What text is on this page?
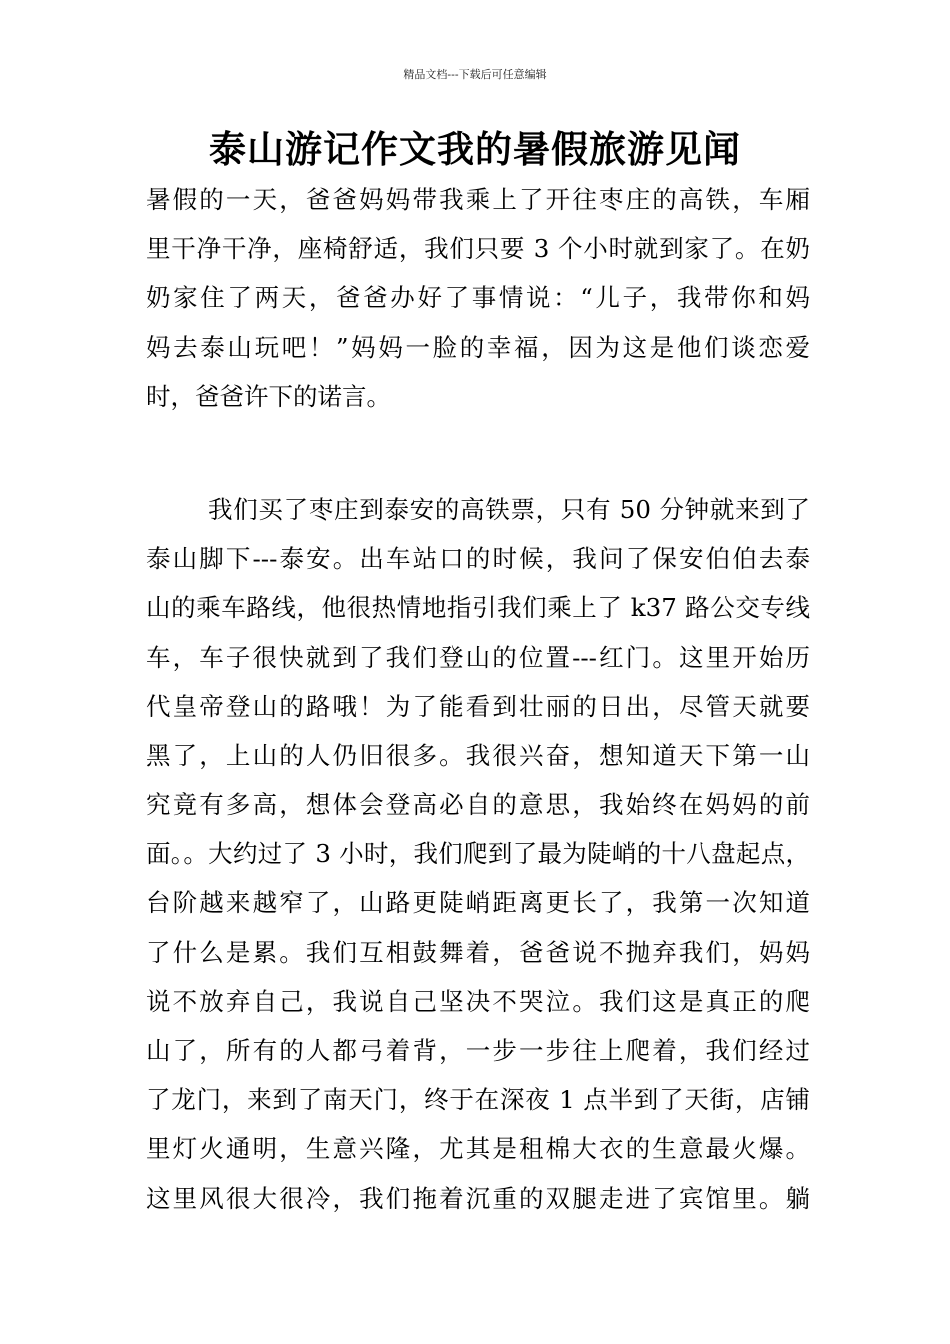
精品文档---下载后可任意编辑
泰山游记作文我的暑假旅游见闻
暑假的一天，爸爸妈妈带我乘上了开往枣庄的高铁，车厢
里干净干净，座椅舒适，我们只要 3 个小时就到家了。在奶
奶家住了两天，爸爸办好了事情说：“儿子，我带你和妈
妈去泰山玩吧！”妈妈一脸的幸福，因为这是他们谈恋爱
时，爸爸许下的诺言。
我们买了枣庄到泰安的高铁票，只有 50 分钟就来到了
泰山脚下---泰安。出车站口的时候，我问了保安伯伯去泰
山的乘车路线，他很热情地指引我们乘上了 k37 路公交专线
车，车子很快就到了我们登山的位置---红门。这里开始历
代皇帝登山的路哦！为了能看到壮丽的日出，尽管天就要
黑了，上山的人仍旧很多。我很兴奋，想知道天下第一山
究竟有多高，想体会登高必自的意思，我始终在妈妈的前
面。。大约过了 3 小时，我们爬到了最为陡峭的十八盘起点，
台阶越来越窄了，山路更陡峭距离更长了，我第一次知道
了什么是累。我们互相鼓舞着，爸爸说不抛弃我们，妈妈
说不放弃自己，我说自己坚决不哭泣。我们这是真正的爬
山了，所有的人都弓着背，一步一步往上爬着，我们经过
了龙门，来到了南天门，终于在深夜 1 点半到了天街，店铺
里灯火通明，生意兴隆，尤其是租棉大衣的生意最火爆。
这里风很大很冷，我们拖着沉重的双腿走进了宾馆里。躺
